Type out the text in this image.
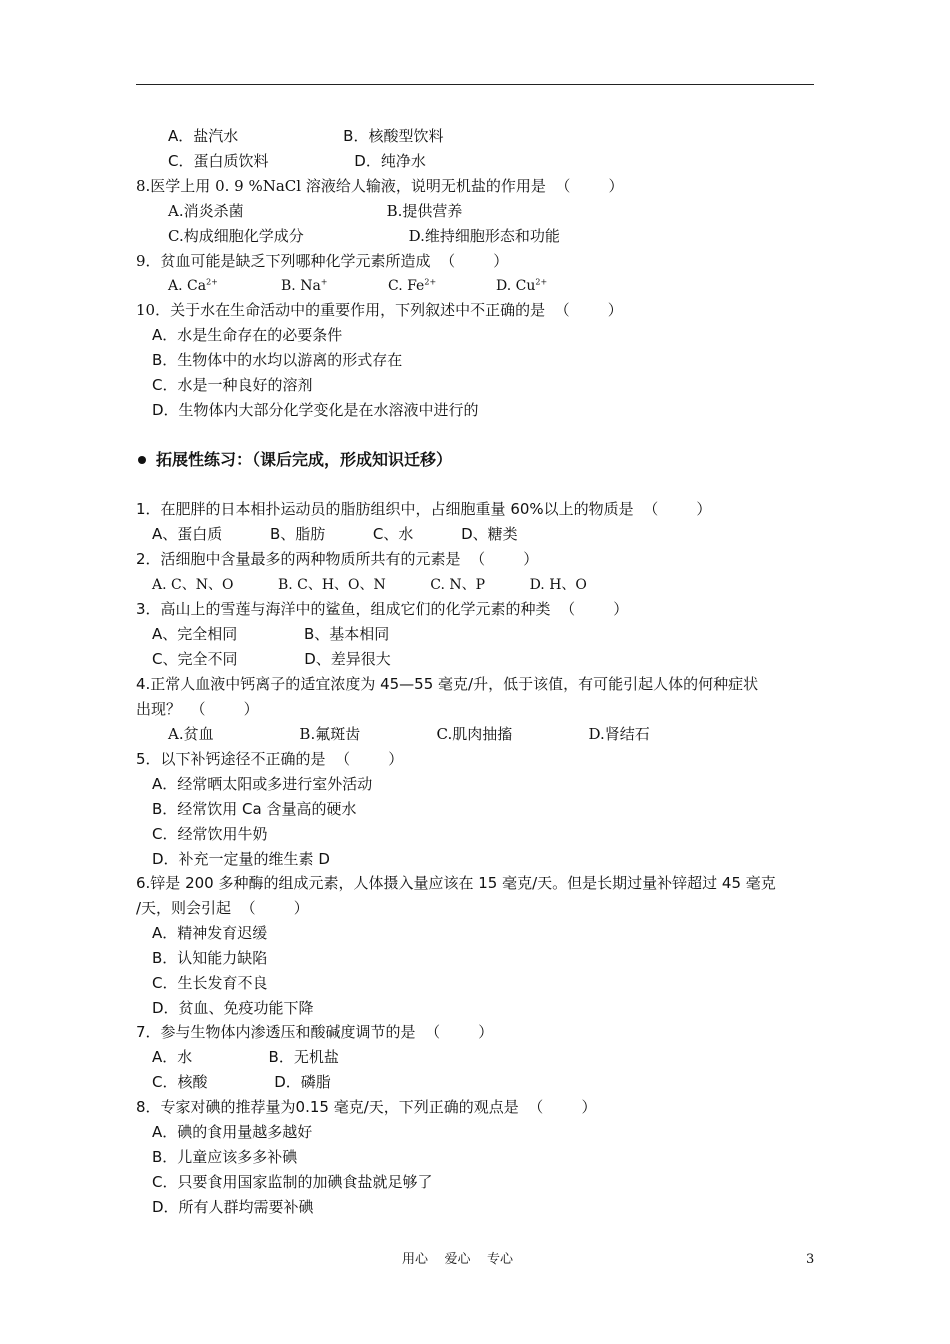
A．盐汽水                      B．核酸型饮料
C．蛋白质饮料                  D．纯净水
8.医学上用 0. 9 %NaCl 溶液给人输液，说明无机盐的作用是  （        ）
A.消炎杀菌                              B.提供营养
C.构成细胞化学成分                      D.维持细胞形态和功能
9．贫血可能是缺乏下列哪种化学元素所造成  （        ）
A. $Ca^{2+}$	B. Na+	C. $Fe^{2+}$	D. $Cu^{2+}$
10．关于水在生命活动中的重要作用，下列叙述中不正确的是  （        ）
A．水是生命存在的必要条件
B．生物体中的水均以游离的形式存在
C．水是一种良好的溶剂
D．生物体内大部分化学变化是在水溶液中进行的
拓展性练习：（课后完成，形成知识迁移）
1．在肥胖的日本相扑运动员的脂肪组织中，占细胞重量 60%以上的物质是  （        ）
A、蛋白质          B、脂肪          C、水          D、糖类
2．活细胞中含量最多的两种物质所共有的元素是  （        ）
A. C、N、O          B. C、H、O、N          C. N、P          D. H、O
3．高山上的雪莲与海洋中的鲨鱼，组成它们的化学元素的种类  （        ）
A、完全相同              B、基本相同
C、完全不同              D、差异很大
4.正常人血液中钙离子的适宜浓度为 45—55 毫克/升，低于该值，有可能引起人体的何种症状
出现？  （        ）
A.贫血                  B.氟斑齿                C.肌肉抽搐                D.肾结石
5．以下补钙途径不正确的是  （        ）
A．经常晒太阳或多进行室外活动
B．经常饮用 Ca 含量高的硬水
C．经常饮用牛奶
D．补充一定量的维生素 D
6.锌是 200 多种酶的组成元素，人体摄入量应该在 15 毫克/天。但是长期过量补锌超过 45 毫克
/天，则会引起  （        ）
A．精神发育迟缓
B．认知能力缺陷
C．生长发育不良
D．贫血、免疫功能下降
7．参与生物体内渗透压和酸碱度调节的是  （        ）
A．水                B．无机盐
C．核酸              D．磷脂
8．专家对碘的推荐量为0.15 毫克/天，下列正确的观点是  （        ）
A．碘的食用量越多越好
B．儿童应该多多补碘
C．只要食用国家监制的加碘食盐就足够了
D．所有人群均需要补碘
用心    爱心    专心	3
